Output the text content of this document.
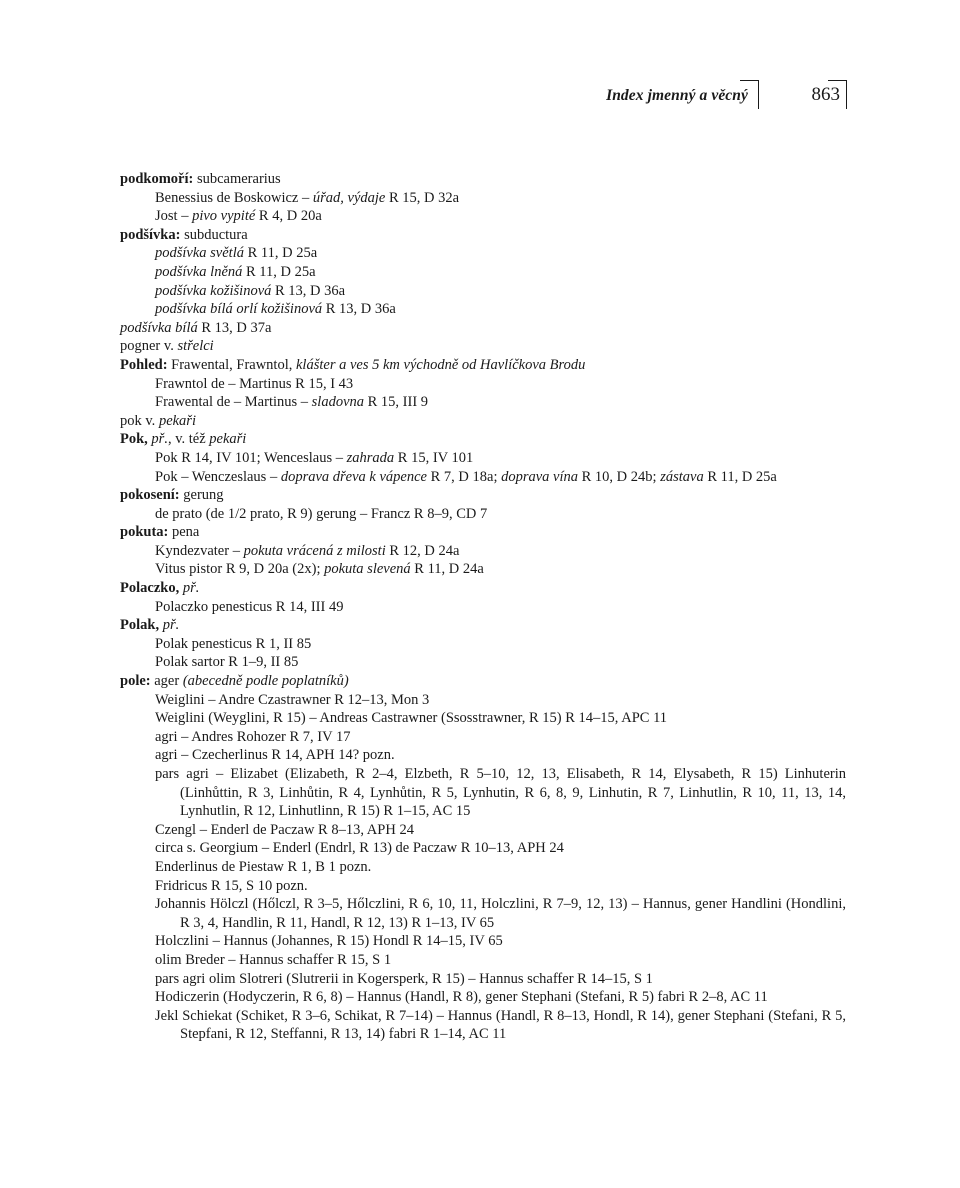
Index jmenný a věcný	863
podkomoří: subcamerarius
Benessius de Boskowicz – úřad, výdaje R 15, D 32a
Jost – pivo vypité R 4, D 20a
podšívka: subductura
podšívka světlá R 11, D 25a
podšívka lněná R 11, D 25a
podšívka kožišinová R 13, D 36a
podšívka bílá orlí kožišinová R 13, D 36a
podšívka bílá R 13, D 37a
pogner v. střelci
Pohled: Frawental, Frawntol, klášter a ves 5 km východně od Havlíčkova Brodu
Frawntol de – Martinus R 15, I 43
Frawental de – Martinus – sladovna R 15, III 9
pok v. pekaři
Pok, př., v. též pekaři
Pok R 14, IV 101; Wenceslaus – zahrada R 15, IV 101
Pok – Wenczeslaus – doprava dřeva k vápence R 7, D 18a; doprava vína R 10, D 24b; zástava R 11, D 25a
pokosení: gerung
de prato (de 1/2 prato, R 9) gerung – Francz R 8–9, CD 7
pokuta: pena
Kyndezvater – pokuta vrácená z milosti R 12, D 24a
Vitus pistor R 9, D 20a (2x); pokuta slevená R 11, D 24a
Polaczko, př.
Polaczko penesticus R 14, III 49
Polak, př.
Polak penesticus R 1, II 85
Polak sartor R 1–9, II 85
pole: ager (abecedně podle poplatníků)
Weiglini – Andre Czastrawner R 12–13, Mon 3
Weiglini (Weyglini, R 15) – Andreas Castrawner (Ssosstrawner, R 15) R 14–15, APC 11
agri – Andres Rohozer R 7, IV 17
agri – Czecherlinus R 14, APH 14? pozn.
pars agri – Elizabet (Elizabeth, R 2–4, Elzbeth, R 5–10, 12, 13, Elisabeth, R 14, Elysabeth, R 15) Linhuterin (Linhůttin, R 3, Linhůtin, R 4, Lynhůtin, R 5, Lynhutin, R 6, 8, 9, Linhutin, R 7, Linhutlin, R 10, 11, 13, 14, Lynhutlin, R 12, Linhutlinn, R 15) R 1–15, AC 15
Czengl – Enderl de Paczaw R 8–13, APH 24
circa s. Georgium – Enderl (Endrl, R 13) de Paczaw R 10–13, APH 24
Enderlinus de Piestaw R 1, B 1 pozn.
Fridricus R 15, S 10 pozn.
Johannis Hölczl (Hőlczl, R 3–5, Hőlczlini, R 6, 10, 11, Holczlini, R 7–9, 12, 13) – Hannus, gener Handlini (Hondlini, R 3, 4, Handlin, R 11, Handl, R 12, 13) R 1–13, IV 65
Holczlini – Hannus (Johannes, R 15) Hondl R 14–15, IV 65
olim Breder – Hannus schaffer R 15, S 1
pars agri olim Slotreri (Slutrerii in Kogersperk, R 15) – Hannus schaffer R 14–15, S 1
Hodiczerin (Hodyczerin, R 6, 8) – Hannus (Handl, R 8), gener Stephani (Stefani, R 5) fabri R 2–8, AC 11
Jekl Schiekat (Schiket, R 3–6, Schikat, R 7–14) – Hannus (Handl, R 8–13, Hondl, R 14), gener Stephani (Stefani, R 5, Stepfani, R 12, Steffanni, R 13, 14) fabri R 1–14, AC 11
